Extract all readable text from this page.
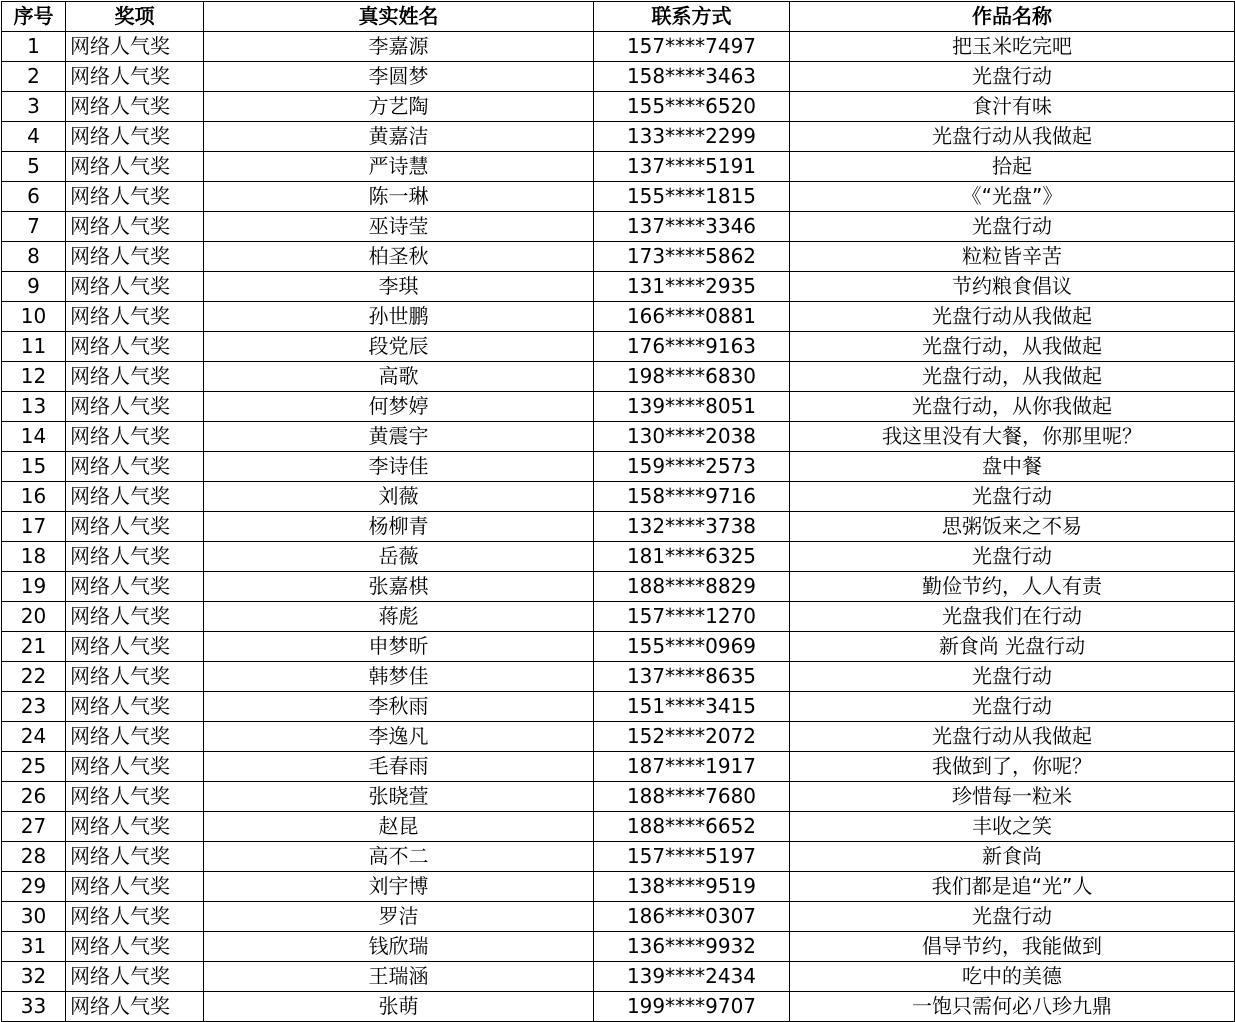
序号	奖项	真实姓名	联系方式	作品名称
1	网络人气奖	李嘉源	157****7497	把玉米吃完吧
2	网络人气奖	李圆梦	158****3463	光盘行动
3	网络人气奖	方艺陶	155****6520	食汁有味
4	网络人气奖	黄嘉洁	133****2299	光盘行动从我做起
5	网络人气奖	严诗慧	137****5191	拾起
6	网络人气奖	陈一琳	155****1815	《“光盘”》
7	网络人气奖	巫诗莹	137****3346	光盘行动
8	网络人气奖	柏圣秋	173****5862	粒粒皆辛苦
9	网络人气奖	李琪	131****2935	节约粮食倡议
10	网络人气奖	孙世鹏	166****0881	光盘行动从我做起
11	网络人气奖	段党辰	176****9163	光盘行动，从我做起
12	网络人气奖	高歌	198****6830	光盘行动，从我做起
13	网络人气奖	何梦婷	139****8051	光盘行动，从你我做起
14	网络人气奖	黄震宇	130****2038	我这里没有大餐，你那里呢？
15	网络人气奖	李诗佳	159****2573	盘中餐
16	网络人气奖	刘薇	158****9716	光盘行动
17	网络人气奖	杨柳青	132****3738	思粥饭来之不易
18	网络人气奖	岳薇	181****6325	光盘行动
19	网络人气奖	张嘉棋	188****8829	勤俭节约，人人有责
20	网络人气奖	蒋彪	157****1270	光盘我们在行动
21	网络人气奖	申梦昕	155****0969	新食尚 光盘行动
22	网络人气奖	韩梦佳	137****8635	光盘行动
23	网络人气奖	李秋雨	151****3415	光盘行动
24	网络人气奖	李逸凡	152****2072	光盘行动从我做起
25	网络人气奖	毛春雨	187****1917	我做到了，你呢？
26	网络人气奖	张晓萱	188****7680	珍惜每一粒米
27	网络人气奖	赵昆	188****6652	丰收之笑
28	网络人气奖	高不二	157****5197	新食尚
29	网络人气奖	刘宇博	138****9519	我们都是追“光”人
30	网络人气奖	罗洁	186****0307	光盘行动
31	网络人气奖	钱欣瑞	136****9932	倡导节约，我能做到
32	网络人气奖	王瑞涵	139****2434	吃中的美德
33	网络人气奖	张萌	199****9707	一饱只需何必八珍九鼎
